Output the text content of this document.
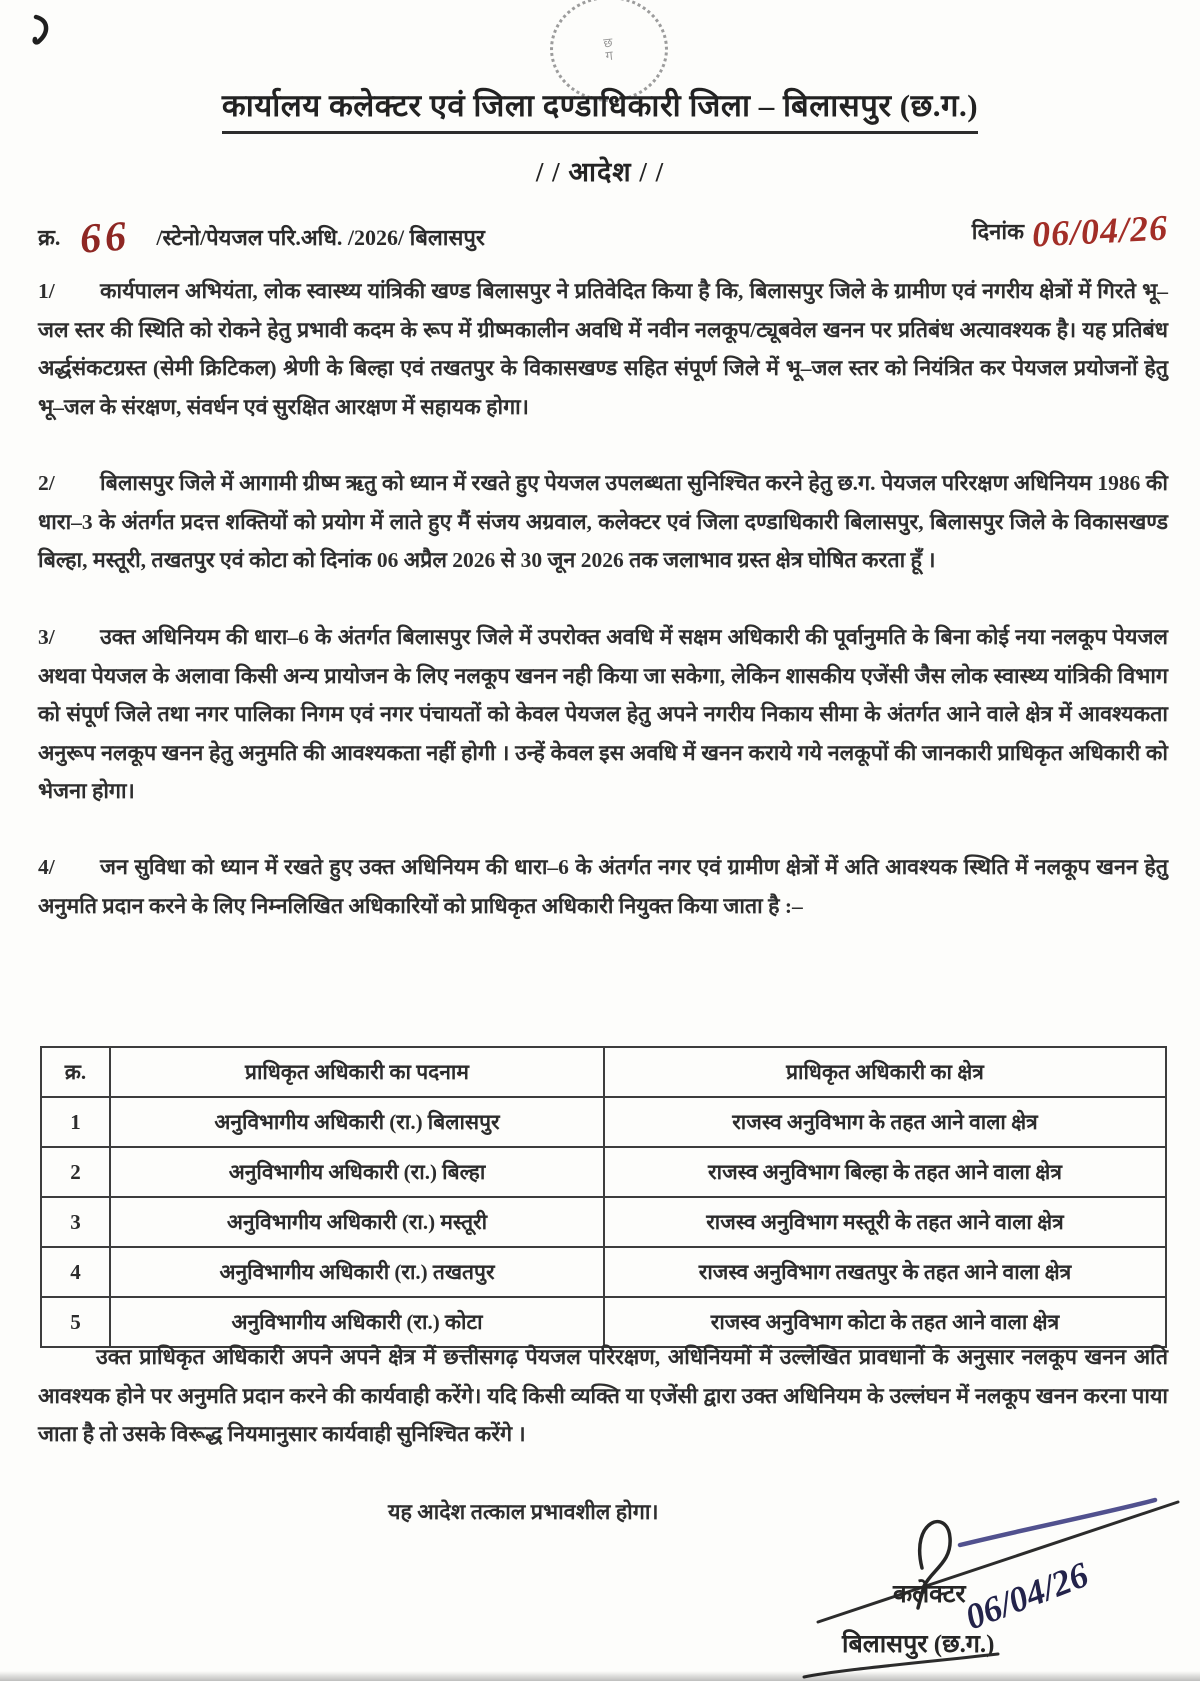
छ
ग
कार्यालय कलेक्टर एवं जिला दण्डाधिकारी जिला – बिलासपुर (छ.ग.)
/ / आदेश / /
क्र. 66 /स्टेनो/पेयजल परि.अधि. /2026/ बिलासपुर	दिनांक 06/04/26
1/ कार्यपालन अभियंता, लोक स्वास्थ्य यांत्रिकी खण्ड बिलासपुर ने प्रतिवेदित किया है कि, बिलासपुर जिले के ग्रामीण एवं नगरीय क्षेत्रों में गिरते भू–जल स्तर की स्थिति को रोकने हेतु प्रभावी कदम के रूप में ग्रीष्मकालीन अवधि में नवीन नलकूप/ट्यूबवेल खनन पर प्रतिबंध अत्यावश्यक है। यह प्रतिबंध अर्द्धसंकटग्रस्त (सेमी क्रिटिकल) श्रेणी के बिल्हा एवं तखतपुर के विकासखण्ड सहित संपूर्ण जिले में भू–जल स्तर को नियंत्रित कर पेयजल प्रयोजनों हेतु भू–जल के संरक्षण, संवर्धन एवं सुरक्षित आरक्षण में सहायक होगा।
2/ बिलासपुर जिले में आगामी ग्रीष्म ऋतु को ध्यान में रखते हुए पेयजल उपलब्धता सुनिश्चित करने हेतु छ.ग. पेयजल परिरक्षण अधिनियम 1986 की धारा–3 के अंतर्गत प्रदत्त शक्तियों को प्रयोग में लाते हुए मैं संजय अग्रवाल, कलेक्टर एवं जिला दण्डाधिकारी बिलासपुर, बिलासपुर जिले के विकासखण्ड बिल्हा, मस्तूरी, तखतपुर एवं कोटा को दिनांक 06 अप्रैल 2026 से 30 जून 2026 तक जलाभाव ग्रस्त क्षेत्र घोषित करता हूँ ।
3/ उक्त अधिनियम की धारा–6 के अंतर्गत बिलासपुर जिले में उपरोक्त अवधि में सक्षम अधिकारी की पूर्वानुमति के बिना कोई नया नलकूप पेयजल अथवा पेयजल के अलावा किसी अन्य प्रायोजन के लिए नलकूप खनन नही किया जा सकेगा, लेकिन शासकीय एजेंसी जैस लोक स्वास्थ्य यांत्रिकी विभाग को संपूर्ण जिले तथा नगर पालिका निगम एवं नगर पंचायतों को केवल पेयजल हेतु अपने नगरीय निकाय सीमा के अंतर्गत आने वाले क्षेत्र में आवश्यकता अनुरूप नलकूप खनन हेतु अनुमति की आवश्यकता नहीं होगी । उन्हें केवल इस अवधि में खनन कराये गये नलकूपों की जानकारी प्राधिकृत अधिकारी को भेजना होगा।
4/ जन सुविधा को ध्यान में रखते हुए उक्त अधिनियम की धारा–6 के अंतर्गत नगर एवं ग्रामीण क्षेत्रों में अति आवश्यक स्थिति में नलकूप खनन हेतु अनुमति प्रदान करने के लिए निम्नलिखित अधिकारियों को प्राधिकृत अधिकारी नियुक्त किया जाता है :–
क्र.	प्राधिकृत अधिकारी का पदनाम	प्राधिकृत अधिकारी का क्षेत्र
1	अनुविभागीय अधिकारी (रा.) बिलासपुर	राजस्व अनुविभाग के तहत आने वाला क्षेत्र
2	अनुविभागीय अधिकारी (रा.) बिल्हा	राजस्व अनुविभाग बिल्हा के तहत आने वाला क्षेत्र
3	अनुविभागीय अधिकारी (रा.) मस्तूरी	राजस्व अनुविभाग मस्तूरी के तहत आने वाला क्षेत्र
4	अनुविभागीय अधिकारी (रा.) तखतपुर	राजस्व अनुविभाग तखतपुर के तहत आने वाला क्षेत्र
5	अनुविभागीय अधिकारी (रा.) कोटा	राजस्व अनुविभाग कोटा के तहत आने वाला क्षेत्र
उक्त प्राधिकृत अधिकारी अपने अपने क्षेत्र में छत्तीसगढ़ पेयजल परिरक्षण, अधिनियमों में उल्लेखित प्रावधानों के अनुसार नलकूप खनन अति आवश्यक होने पर अनुमति प्रदान करने की कार्यवाही करेंगे। यदि किसी व्यक्ति या एजेंसी द्वारा उक्त अधिनियम के उल्लंघन में नलकूप खनन करना पाया जाता है तो उसके विरूद्ध नियमानुसार कार्यवाही सुनिश्चित करेंगे ।
यह आदेश तत्काल प्रभावशील होगा।
06/04/26
कलेक्टर
बिलासपुर (छ.ग.)
